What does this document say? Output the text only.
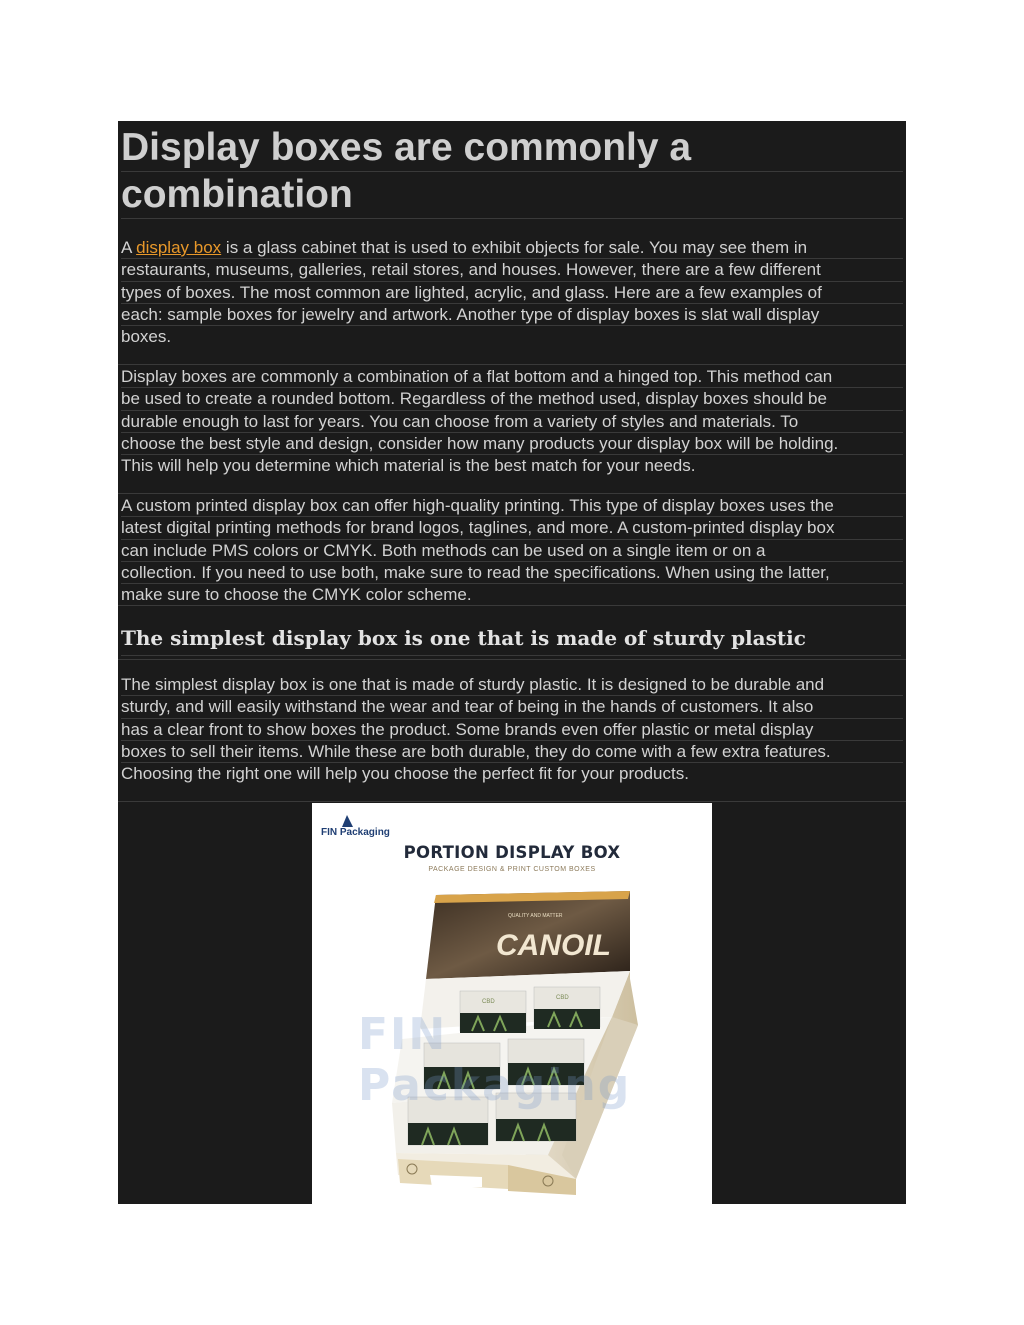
Display boxes are commonly a
combination
A display box is a glass cabinet that is used to exhibit objects for sale. You may see them in
restaurants, museums, galleries, retail stores, and houses. However, there are a few different
types of boxes. The most common are lighted, acrylic, and glass. Here are a few examples of
each: sample boxes for jewelry and artwork. Another type of display boxes is slat wall display
boxes.
Display boxes are commonly a combination of a flat bottom and a hinged top. This method can
be used to create a rounded bottom. Regardless of the method used, display boxes should be
durable enough to last for years. You can choose from a variety of styles and materials. To
choose the best style and design, consider how many products your display box will be holding.
This will help you determine which material is the best match for your needs.
A custom printed display box can offer high-quality printing. This type of display boxes uses the
latest digital printing methods for brand logos, taglines, and more. A custom-printed display box
can include PMS colors or CMYK. Both methods can be used on a single item or on a
collection. If you need to use both, make sure to read the specifications. When using the latter,
make sure to choose the CMYK color scheme.
The simplest display box is one that is made of sturdy plastic
The simplest display box is one that is made of sturdy plastic. It is designed to be durable and
sturdy, and will easily withstand the wear and tear of being in the hands of customers. It also
has a clear front to show boxes the product. Some brands even offer plastic or metal display
boxes to sell their items. While these are both durable, they do come with a few extra features.
Choosing the right one will help you choose the perfect fit for your products.
FIN Packaging
PORTION DISPLAY BOX
PACKAGE DESIGN & PRINT CUSTOM BOXES
QUALITY AND MATTER
CANOIL
CBD
CBD
FIN Packaging
